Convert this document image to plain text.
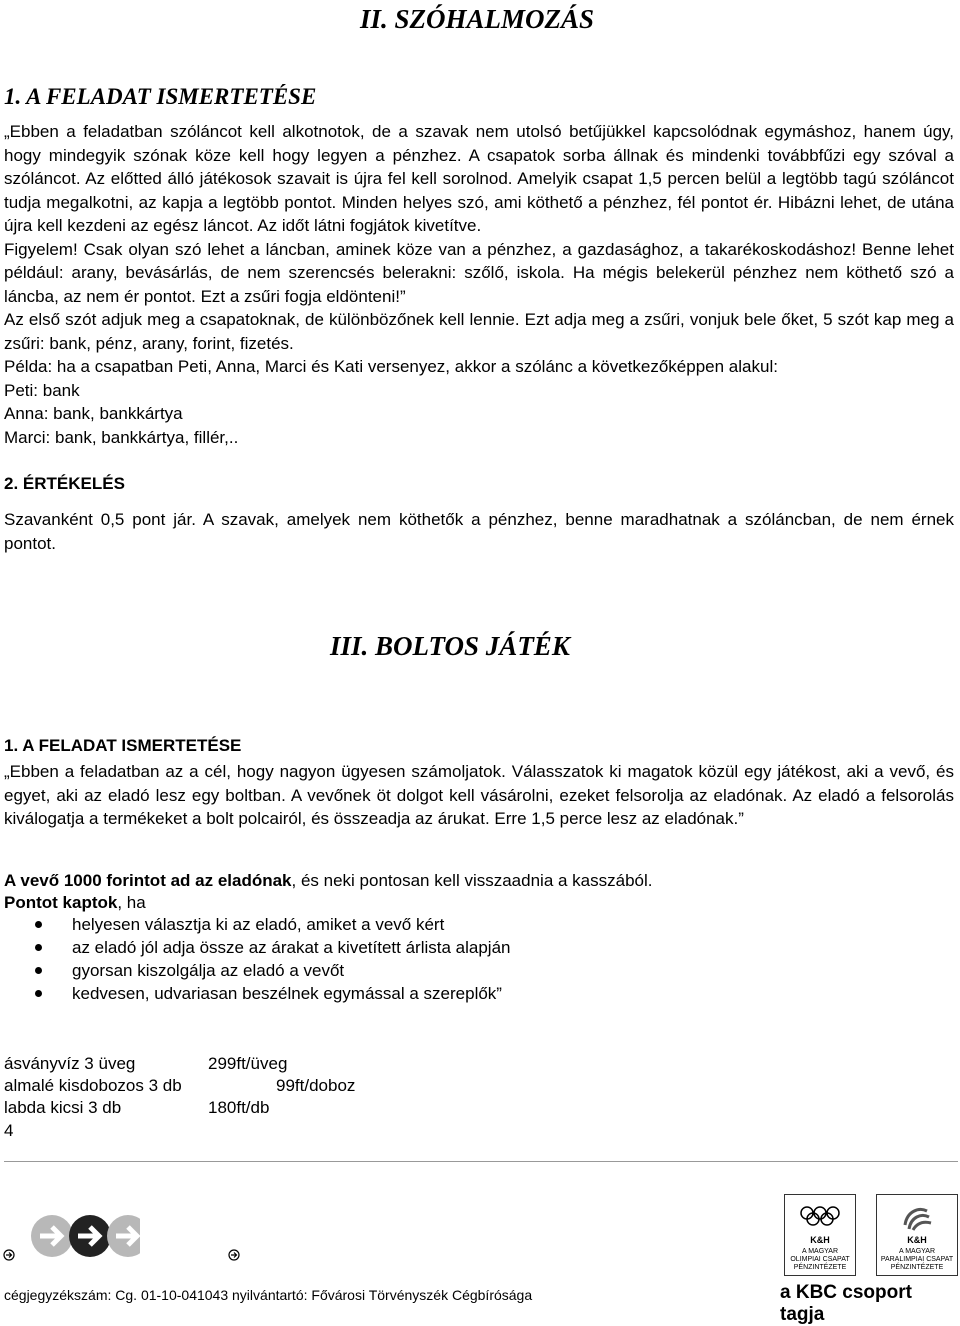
II. SZÓHALMOZÁS
1. A FELADAT ISMERTETÉSE

„Ebben a feladatban szóláncot kell alkotnotok, de a szavak nem utolsó betűjükkel kapcsolódnak egymáshoz, hanem úgy, hogy mindegyik szónak köze kell hogy legyen a pénzhez. A csapatok sorba állnak és mindenki továbbfűzi egy szóval a szóláncot. Az előtted álló játékosok szavait is újra fel kell sorolnod. Amelyik csapat 1,5 percen belül a legtöbb tagú szóláncot tudja megalkotni, az kapja a legtöbb pontot. Minden helyes szó, ami köthető a pénzhez, fél pontot ér. Hibázni lehet, de utána újra kell kezdeni az egész láncot. Az időt látni fogjátok kivetítve.

Figyelem! Csak olyan szó lehet a láncban, aminek köze van a pénzhez, a gazdasághoz, a takarékoskodáshoz! Benne lehet például: arany, bevásárlás, de nem szerencsés belerakni: szőlő, iskola. Ha mégis belekerül pénzhez nem köthető szó a láncba, az nem ér pontot. Ezt a zsűri fogja eldönteni!”

Az első szót adjuk meg a csapatoknak, de különbözőnek kell lennie. Ezt adja meg a zsűri, vonjuk bele őket, 5 szót kap meg a zsűri: bank, pénz, arany, forint, fizetés.

Példa: ha a csapatban Peti, Anna, Marci és Kati versenyez, akkor a szólánc a következőképpen alakul:

Peti: bank

Anna: bank, bankkártya

Marci: bank, bankkártya, fillér,..

2. ÉRTÉKELÉS
Szavanként 0,5 pont jár. A szavak, amelyek nem köthetők a pénzhez, benne maradhatnak a szóláncban, de nem érnek pontot.
III. BOLTOS JÁTÉK
1. A FELADAT ISMERTETÉSE
„Ebben a feladatban az a cél, hogy nagyon ügyesen számoljatok. Válasszatok ki magatok közül egy játékost, aki a vevő, és egyet, aki az eladó lesz egy boltban. A vevőnek öt dolgot kell vásárolni, ezeket felsorolja az eladónak. Az eladó a felsorolás kiválogatja a termékeket a bolt polcairól, és összeadja az árukat. Erre 1,5 perce lesz az eladónak.”
A vevő 1000 forintot ad az eladónak, és neki pontosan kell visszaadnia a kasszából.
Pontot kaptok, ha
helyesen választja ki az eladó, amiket a vevő kért
az eladó jól adja össze az árakat a kivetített árlista alapján
gyorsan kiszolgálja az eladó a vevőt
kedvesen, udvariasan beszélnek egymással a szereplők”
ásványvíz 3 üveg	299ft/üveg
almalé kisdobozos 3 db	99ft/doboz
labda kicsi 3 db	180ft/db
4
K&H
A MAGYAR
OLIMPIAI CSAPAT
PÉNZINTÉZETE
K&H
A MAGYAR
PARALIMPIAI CSAPAT
PÉNZINTÉZETE
cégjegyzékszám: Cg. 01-10-041043 nyilvántartó: Fővárosi Törvényszék Cégbírósága	a KBC csoport tagja
